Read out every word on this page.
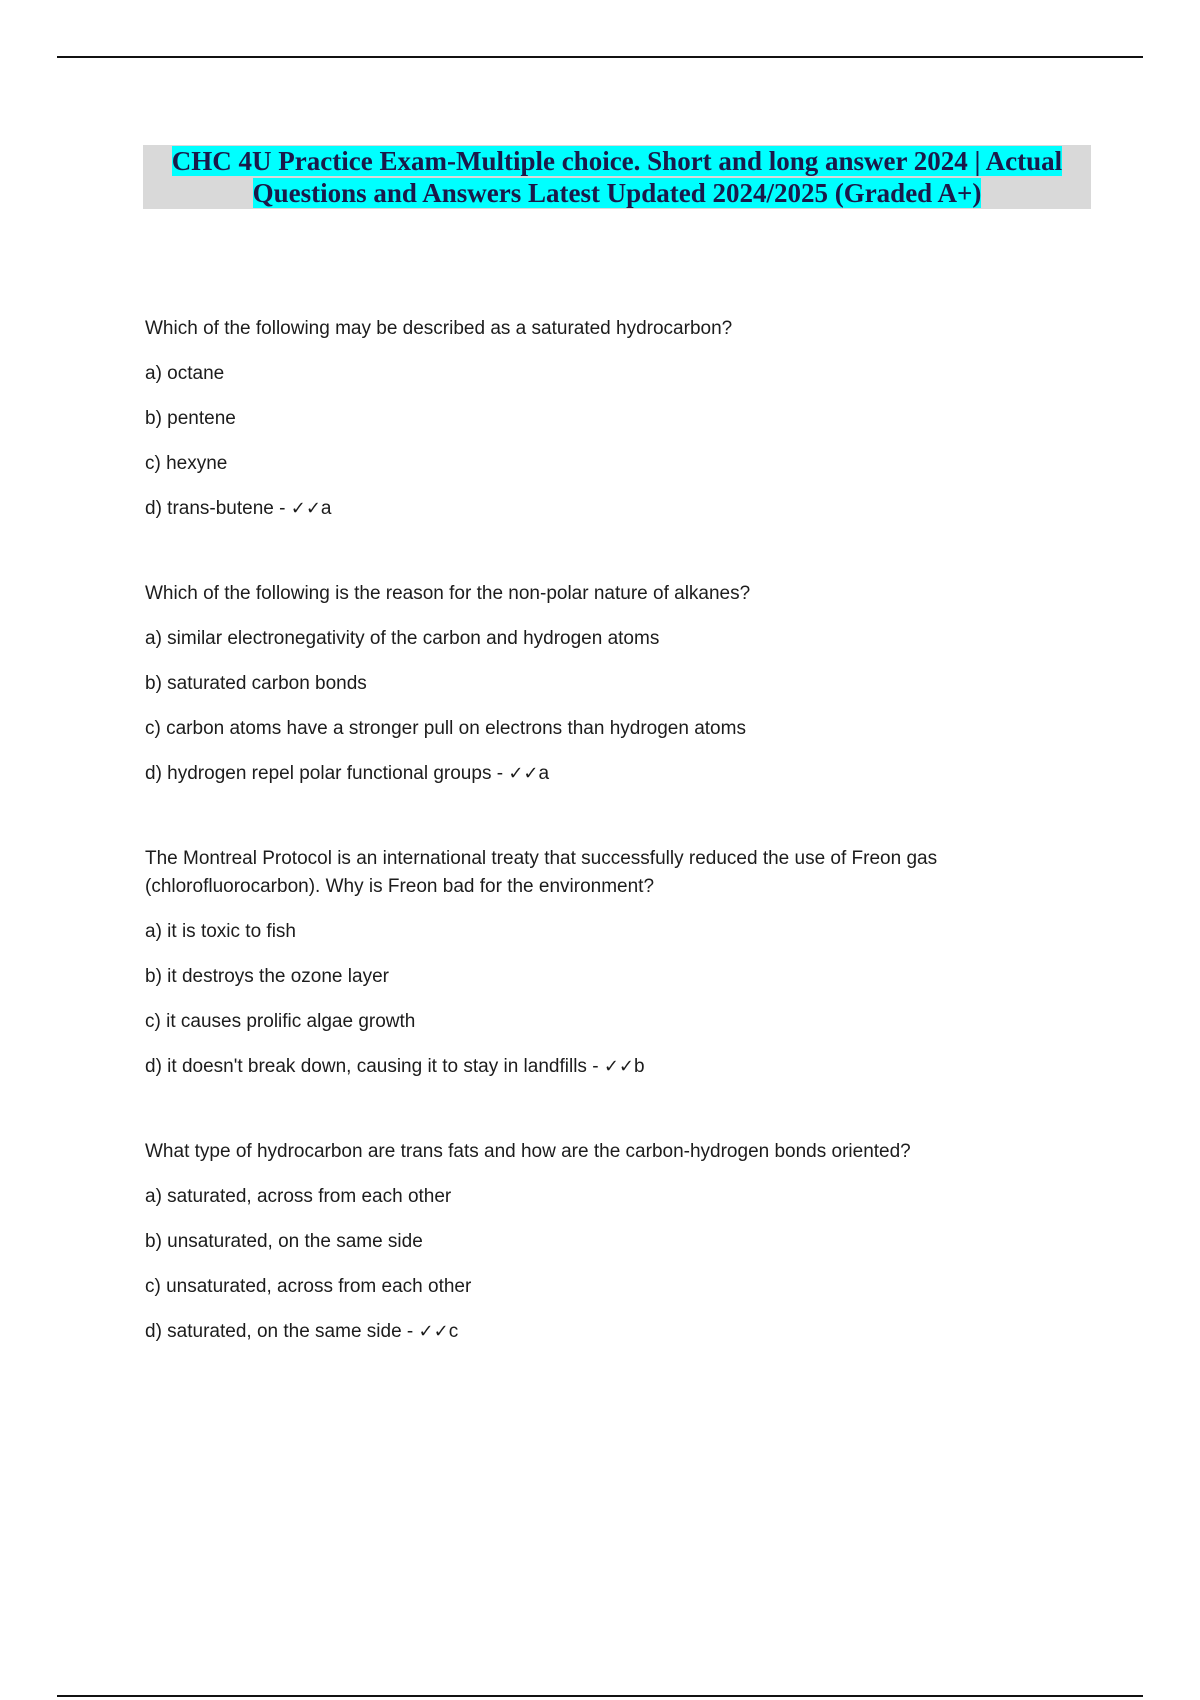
CHC 4U Practice Exam-Multiple choice. Short and long answer 2024 | Actual
Questions and Answers Latest Updated 2024/2025 (Graded A+)

Which of the following may be described as a saturated hydrocarbon?

a) octane

b) pentene

c) hexyne

d) trans-butene - ✓✓a

Which of the following is the reason for the non-polar nature of alkanes?

a) similar electronegativity of the carbon and hydrogen atoms

b) saturated carbon bonds

c) carbon atoms have a stronger pull on electrons than hydrogen atoms

d) hydrogen repel polar functional groups - ✓✓a

The Montreal Protocol is an international treaty that successfully reduced the use of Freon gas (chlorofluorocarbon). Why is Freon bad for the environment?

a) it is toxic to fish

b) it destroys the ozone layer

c) it causes prolific algae growth

d) it doesn't break down, causing it to stay in landfills - ✓✓b

What type of hydrocarbon are trans fats and how are the carbon-hydrogen bonds oriented?

a) saturated, across from each other

b) unsaturated, on the same side

c) unsaturated, across from each other

d) saturated, on the same side - ✓✓c
